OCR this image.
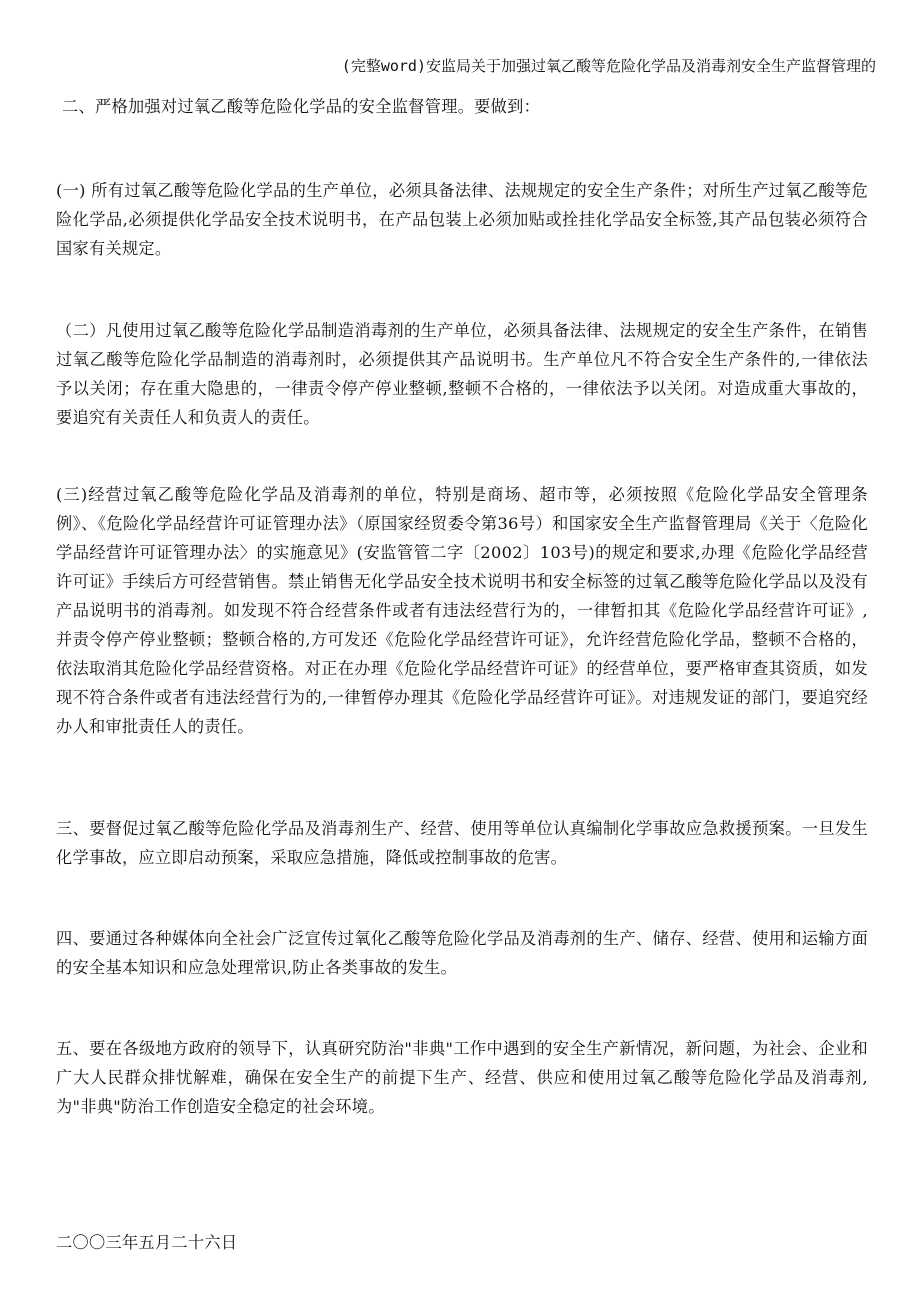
(完整word)安监局关于加强过氧乙酸等危险化学品及消毒剂安全生产监督管理的

二、严格加强对过氧乙酸等危险化学品的安全监督管理。要做到：

(一) 所有过氧乙酸等危险化学品的生产单位，必须具备法律、法规规定的安全生产条件；对所生产过氧乙酸等危险化学品,必须提供化学品安全技术说明书，在产品包装上必须加贴或拴挂化学品安全标签,其产品包装必须符合国家有关规定。

（二）凡使用过氧乙酸等危险化学品制造消毒剂的生产单位，必须具备法律、法规规定的安全生产条件，在销售过氧乙酸等危险化学品制造的消毒剂时，必须提供其产品说明书。生产单位凡不符合安全生产条件的,一律依法予以关闭；存在重大隐患的，一律责令停产停业整顿,整顿不合格的，一律依法予以关闭。对造成重大事故的，要追究有关责任人和负责人的责任。

(三)经营过氧乙酸等危险化学品及消毒剂的单位，特别是商场、超市等，必须按照《危险化学品安全管理条例》、《危险化学品经营许可证管理办法》（原国家经贸委令第36号）和国家安全生产监督管理局《关于〈危险化学品经营许可证管理办法〉的实施意见》(安监管管二字〔2002〕103号)的规定和要求,办理《危险化学品经营许可证》手续后方可经营销售。禁止销售无化学品安全技术说明书和安全标签的过氧乙酸等危险化学品以及没有产品说明书的消毒剂。如发现不符合经营条件或者有违法经营行为的，一律暂扣其《危险化学品经营许可证》,并责令停产停业整顿；整顿合格的,方可发还《危险化学品经营许可证》，允许经营危险化学品，整顿不合格的，依法取消其危险化学品经营资格。对正在办理《危险化学品经营许可证》的经营单位，要严格审查其资质，如发现不符合条件或者有违法经营行为的,一律暂停办理其《危险化学品经营许可证》。对违规发证的部门，要追究经办人和审批责任人的责任。

三、要督促过氧乙酸等危险化学品及消毒剂生产、经营、使用等单位认真编制化学事故应急救援预案。一旦发生化学事故，应立即启动预案，采取应急措施，降低或控制事故的危害。

四、要通过各种媒体向全社会广泛宣传过氧化乙酸等危险化学品及消毒剂的生产、储存、经营、使用和运输方面的安全基本知识和应急处理常识,防止各类事故的发生。

五、要在各级地方政府的领导下，认真研究防治"非典"工作中遇到的安全生产新情况，新问题，为社会、企业和广大人民群众排忧解难，确保在安全生产的前提下生产、经营、供应和使用过氧乙酸等危险化学品及消毒剂,为"非典"防治工作创造安全稳定的社会环境。

二〇〇三年五月二十六日
